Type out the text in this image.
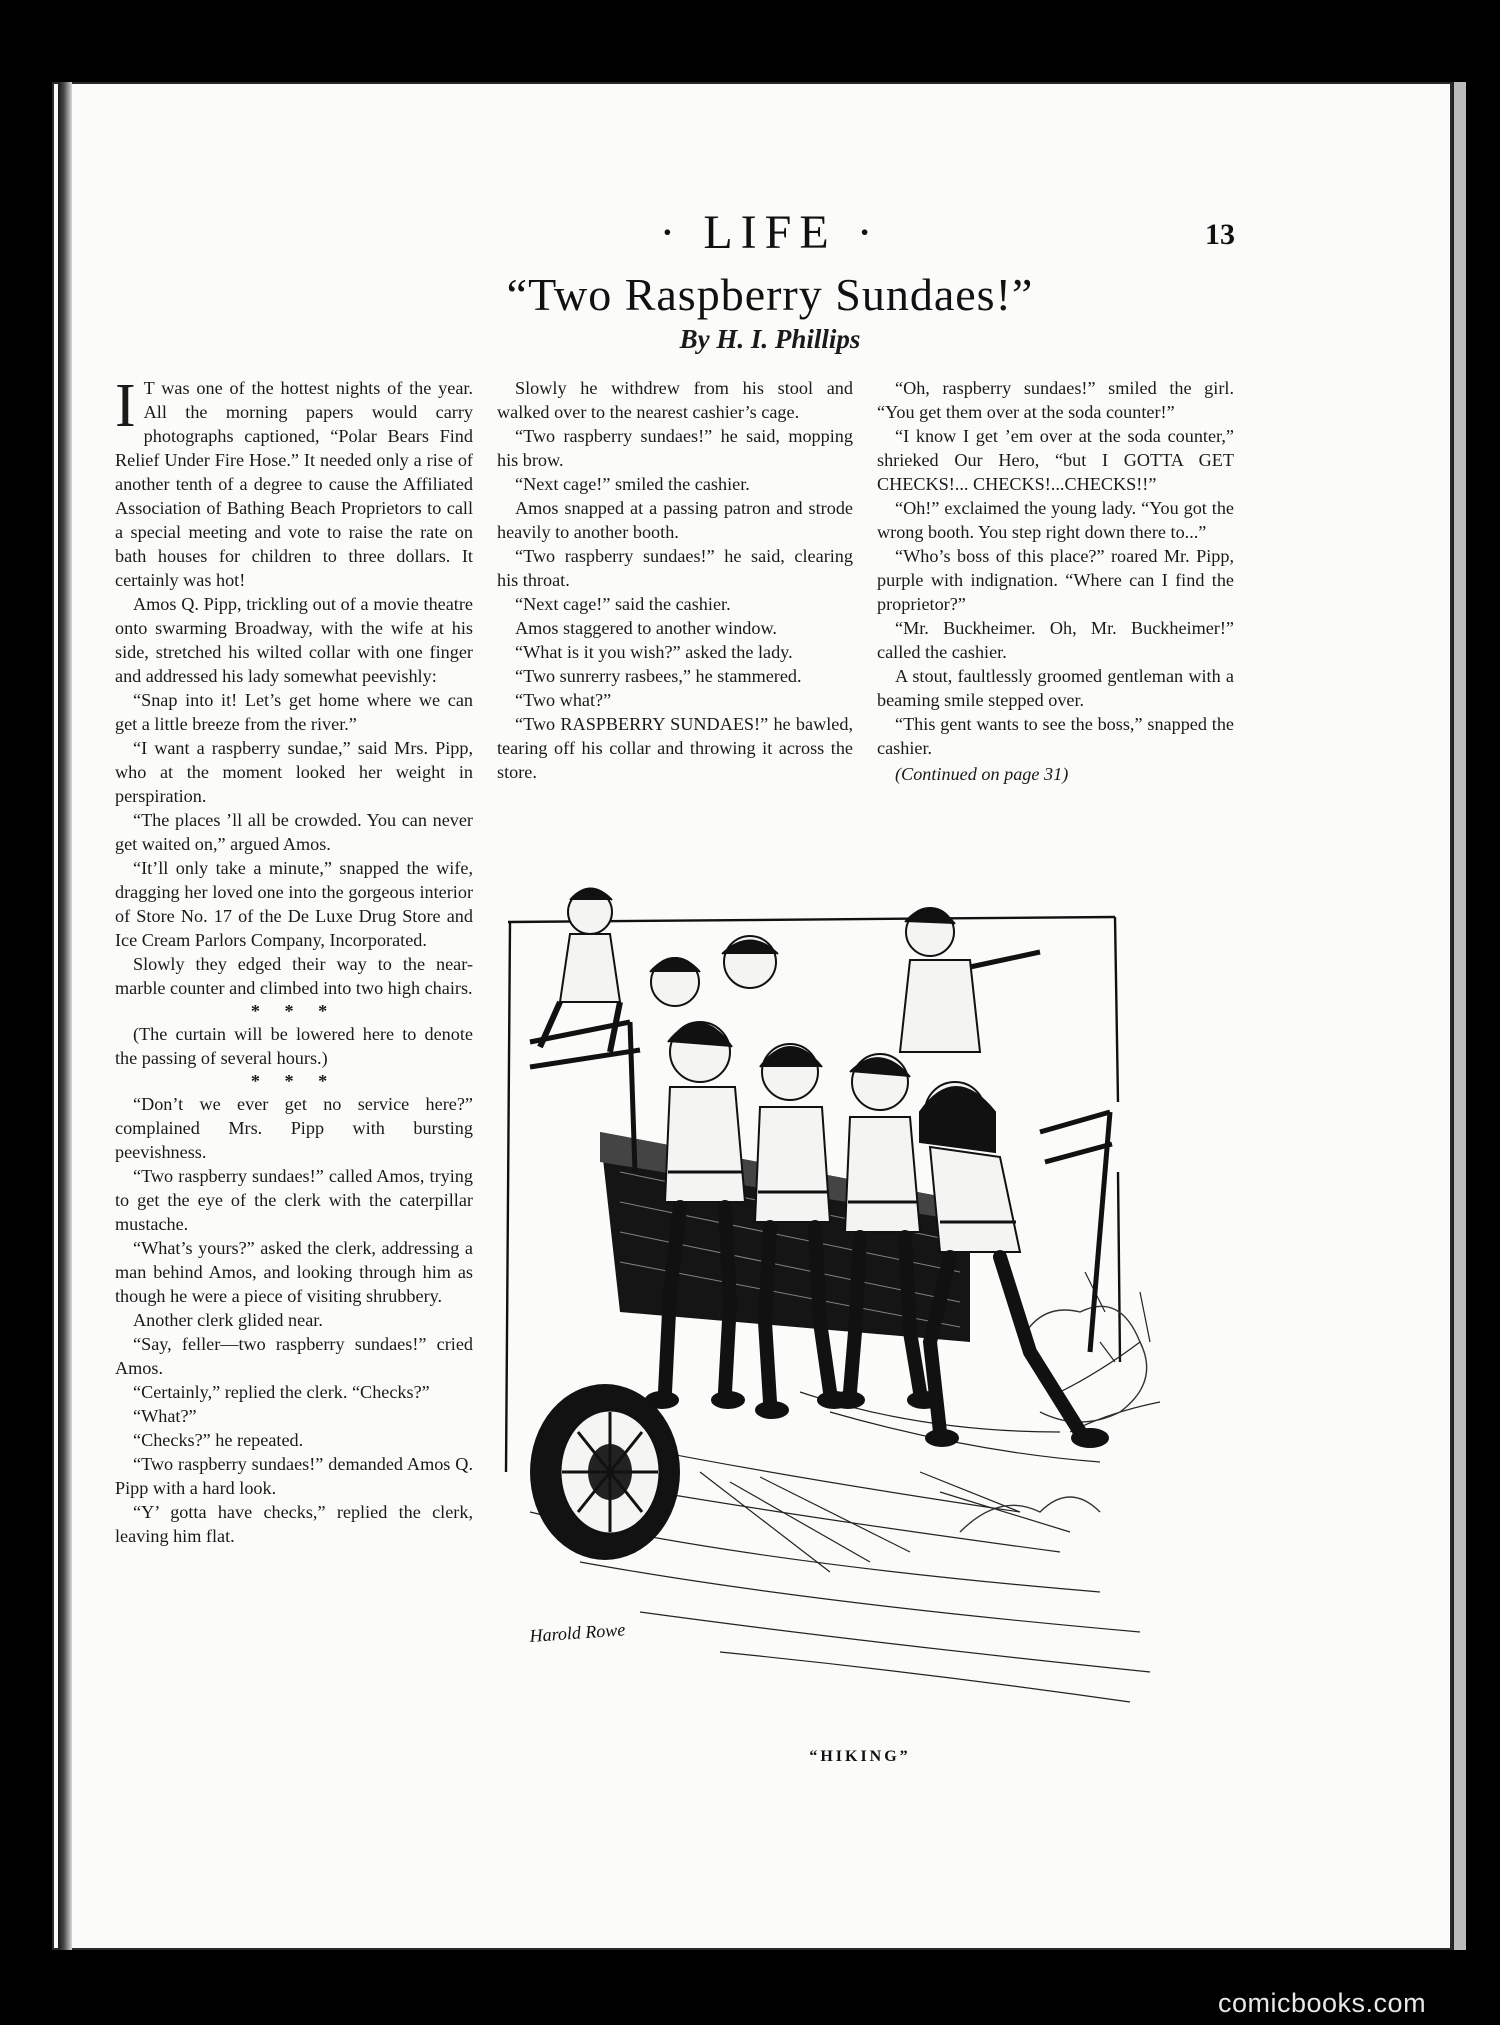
· LIFE ·	13
“Two Raspberry Sundaes!”
By H. I. Phillips

I T was one of the hottest nights of the year. All the morning papers would carry photographs captioned, “Polar Bears Find Relief Under Fire Hose.” It needed only a rise of another tenth of a degree to cause the Affiliated Association of Bathing Beach Proprietors to call a special meeting and vote to raise the rate on bath houses for children to three dollars. It certainly was hot!

Amos Q. Pipp, trickling out of a movie theatre onto swarming Broadway, with the wife at his side, stretched his wilted collar with one finger and addressed his lady somewhat peevishly:

“Snap into it! Let’s get home where we can get a little breeze from the river.”

“I want a raspberry sundae,” said Mrs. Pipp, who at the moment looked her weight in perspiration.

“The places ’ll all be crowded. You can never get waited on,” argued Amos.

“It’ll only take a minute,” snapped the wife, dragging her loved one into the gorgeous interior of Store No. 17 of the De Luxe Drug Store and Ice Cream Parlors Company, Incorporated.

Slowly they edged their way to the near-marble counter and climbed into two high chairs.

* * *

(The curtain will be lowered here to denote the passing of several hours.)

* * *

“Don’t we ever get no service here?” complained Mrs. Pipp with bursting peevishness.

“Two raspberry sundaes!” called Amos, trying to get the eye of the clerk with the caterpillar mustache.

“What’s yours?” asked the clerk, addressing a man behind Amos, and looking through him as though he were a piece of visiting shrubbery.

Another clerk glided near.

“Say, feller—two raspberry sundaes!” cried Amos.

“Certainly,” replied the clerk. “Checks?”

“What?”

“Checks?” he repeated.

“Two raspberry sundaes!” demanded Amos Q. Pipp with a hard look.

“Y’ gotta have checks,” replied the clerk, leaving him flat.

Slowly he withdrew from his stool and walked over to the nearest cashier’s cage.

“Two raspberry sundaes!” he said, mopping his brow.

“Next cage!” smiled the cashier.

Amos snapped at a passing patron and strode heavily to another booth.

“Two raspberry sundaes!” he said, clearing his throat.

“Next cage!” said the cashier.

Amos staggered to another window.

“What is it you wish?” asked the lady.

“Two sunrerry rasbees,” he stammered.

“Two what?”

“Two RASPBERRY SUNDAES!” he bawled, tearing off his collar and throwing it across the store.

“Oh, raspberry sundaes!” smiled the girl. “You get them over at the soda counter!”

“I know I get ’em over at the soda counter,” shrieked Our Hero, “but I GOTTA GET CHECKS!... CHECKS!...CHECKS!!”

“Oh!” exclaimed the young lady. “You got the wrong booth. You step right down there to...”

“Who’s boss of this place?” roared Mr. Pipp, purple with indignation. “Where can I find the proprietor?”

“Mr. Buckheimer. Oh, Mr. Buckheimer!” called the cashier.

A stout, faultlessly groomed gentleman with a beaming smile stepped over.

“This gent wants to see the boss,” snapped the cashier.

(Continued on page 31)

Harold Rowe
“HIKING”
comicbooks.com
